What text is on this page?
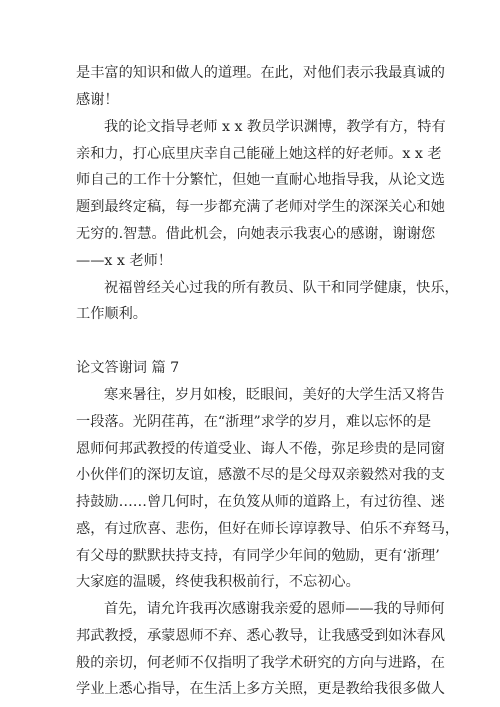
是丰富的知识和做人的道理。在此，对他们表示我最真诚的
感谢！
我的论文指导老师 x x 教员学识渊博，教学有方，特有
亲和力，打心底里庆幸自己能碰上她这样的好老师。x x 老
师自己的工作十分繁忙，但她一直耐心地指导我，从论文选
题到最终定稿，每一步都充满了老师对学生的深深关心和她
无穷的.智慧。借此机会，向她表示我衷心的感谢，谢谢您
——x x 老师！
祝福曾经关心过我的所有教员、队干和同学健康，快乐，
工作顺利。
论文答谢词 篇 7
寒来暑往，岁月如梭，眨眼间，美好的大学生活又将告
一段落。光阴荏苒，在“浙理”求学的岁月，难以忘怀的是
恩师何邦武教授的传道受业、诲人不倦，弥足珍贵的是同窗
小伙伴们的深切友谊，感激不尽的是父母双亲毅然对我的支
持鼓励……曾几何时，在负笈从师的道路上，有过彷徨、迷
惑，有过欣喜、悲伤，但好在师长谆谆教导、伯乐不弃驽马，
有父母的默默扶持支持，有同学少年间的勉励，更有‘浙理’
大家庭的温暖，终使我积极前行，不忘初心。
首先，请允许我再次感谢我亲爱的恩师——我的导师何
邦武教授，承蒙恩师不弃、悉心教导，让我感受到如沐春风
般的亲切，何老师不仅指明了我学术研究的方向与进路，在
学业上悉心指导，在生活上多方关照，更是教给我很多做人
